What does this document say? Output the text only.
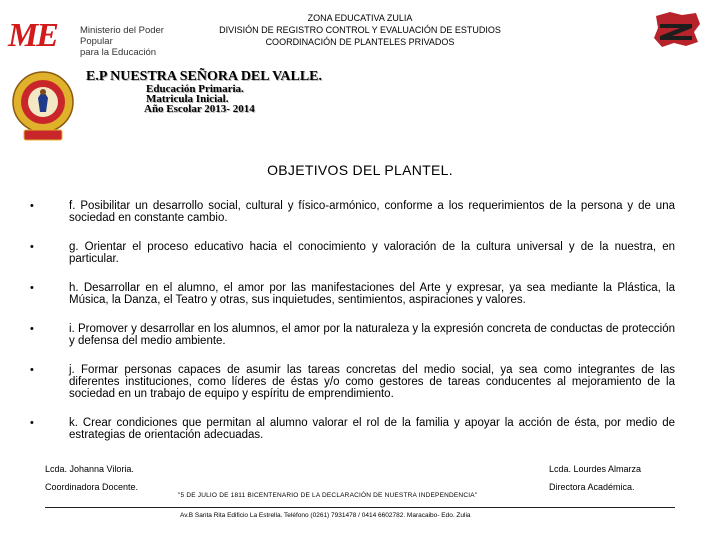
ME Ministerio del Poder Popular
para la Educación
ZONA EDUCATIVA ZULIA
DIVISIÓN DE REGISTRO CONTROL Y EVALUACIÓN DE ESTUDIOS
COORDINACIÓN DE PLANTELES PRIVADOS
E.P NUESTRA SEÑORA DEL VALLE.
Educación Primaria.
Matricula Inicial.
Año Escolar 2013- 2014
OBJETIVOS DEL PLANTEL.
•	f. Posibilitar un desarrollo social, cultural y físico-armónico, conforme a los requerimientos de la persona y de una sociedad en constante cambio.
•	g. Orientar el proceso educativo hacia el conocimiento y valoración de la cultura universal y de la nuestra, en particular.
•	h. Desarrollar en el alumno, el amor por las manifestaciones del Arte y expresar, ya sea mediante la Plástica, la Música, la Danza, el Teatro y otras, sus inquietudes, sentimientos, aspiraciones y valores.
•	i. Promover y desarrollar en los alumnos, el amor por la naturaleza y la expresión concreta de conductas de protección y defensa del medio ambiente.
•	j. Formar personas capaces de asumir las tareas concretas del medio social, ya sea como integrantes de las diferentes instituciones, como líderes de éstas y/o como gestores de tareas conducentes al mejoramiento de la sociedad en un trabajo de equipo y espíritu de emprendimiento.
•	k. Crear condiciones que permitan al alumno valorar el rol de la familia y apoyar la acción de ésta, por medio de estrategias de orientación adecuadas.
Lcda. Johanna Viloria.
Coordinadora Docente.
Lcda. Lourdes Almarza
Directora Académica.
"5 DE JULIO DE 1811 BICENTENARIO DE LA DECLARACIÓN DE NUESTRA INDEPENDENCIA"
Av.B Santa Rita Edificio La Estrella. Teléfono (0261) 7931478 / 0414 6602782. Maracaibo- Edo. Zulia
